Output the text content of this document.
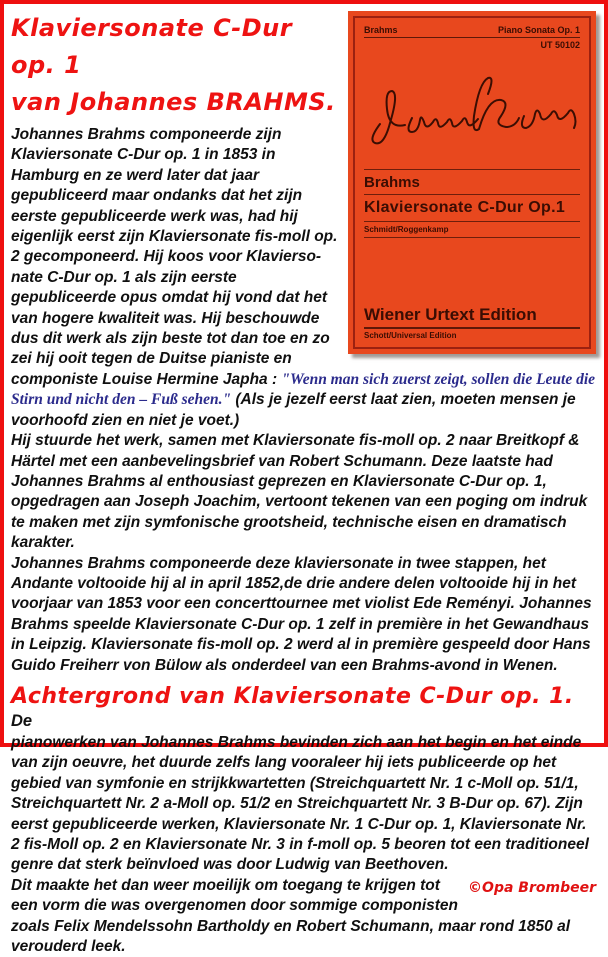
Brahms	Piano Sonata Op. 1
UT 50102
Brahms
Klaviersonate C-Dur Op.1
Schmidt/Roggenkamp
Wiener Urtext Edition
Schott/Universal Edition
Klaviersonate C-Dur op. 1
van Johannes BRAHMS.

Johannes Brahms componeerde zijn Klaviersonate C-Dur op. 1 in 1853 in Hamburg en ze werd later dat jaar gepubliceerd maar ondanks dat het zijn eerste gepubliceerde werk was, had hij eigenlijk eerst zijn Klaviersonate fis-moll op. 2 gecomponeerd. Hij koos voor Klaviersonate C-Dur op. 1 als zijn eerste gepubliceerde opus omdat hij vond dat het van hogere kwaliteit was. Hij beschouwde dus dit werk als zijn beste tot dan toe en zo zei hij ooit tegen de Duitse pianiste en componiste Louise Hermine Japha : "Wenn man sich zuerst zeigt, sollen die Leute die Stirn und nicht den – Fuß sehen." (Als je jezelf eerst laat zien, moeten mensen je voorhoofd zien en niet je voet.)

Hij stuurde het werk, samen met Klaviersonate fis-moll op. 2 naar Breitkopf & Härtel met een aanbevelingsbrief van Robert Schumann. Deze laatste had Johannes Brahms al enthousiast geprezen en Klaviersonate C-Dur op. 1, opgedragen aan Joseph Joachim, vertoont tekenen van een poging om indruk te maken met zijn symfonische grootsheid, technische eisen en dramatisch karakter.

Johannes Brahms componeerde deze klaviersonate in twee stappen, het Andante voltooide hij al in april 1852,de drie andere delen voltooide hij in het voorjaar van 1853 voor een concerttournee met violist Ede Reményi. Johannes Brahms speelde Klaviersonate C-Dur op. 1 zelf in première in het Gewandhaus in Leipzig. Klaviersonate fis-moll op. 2 werd al in première gespeeld door Hans Guido Freiherr von Bülow als onderdeel van een Brahms-avond in Wenen.

Achtergrond van Klaviersonate C-Dur op. 1. De

pianowerken van Johannes Brahms bevinden zich aan het begin en het einde van zijn oeuvre, het duurde zelfs lang vooraleer hij iets publiceerde op het gebied van symfonie en strijkkwartetten (Streichquartett Nr. 1 c-Moll op. 51/1, Streichquartett Nr. 2 a-Moll op. 51/2 en Streichquartett Nr. 3 B-Dur op. 67). Zijn eerst gepubliceerde werken, Klaviersonate Nr. 1 C-Dur op. 1, Klaviersonate Nr. 2 fis-Moll op. 2 en Klaviersonate Nr. 3 in f-moll op. 5 beoren tot een traditioneel genre dat sterk beïnvloed was door Ludwig van Beethoven.

©Opa Brombeer
Dit maakte het dan weer moeilijk om toegang te krijgen tot een vorm die was overgenomen door sommige componisten zoals Felix Mendelssohn Bartholdy en Robert Schumann, maar rond 1850 al verouderd leek.
